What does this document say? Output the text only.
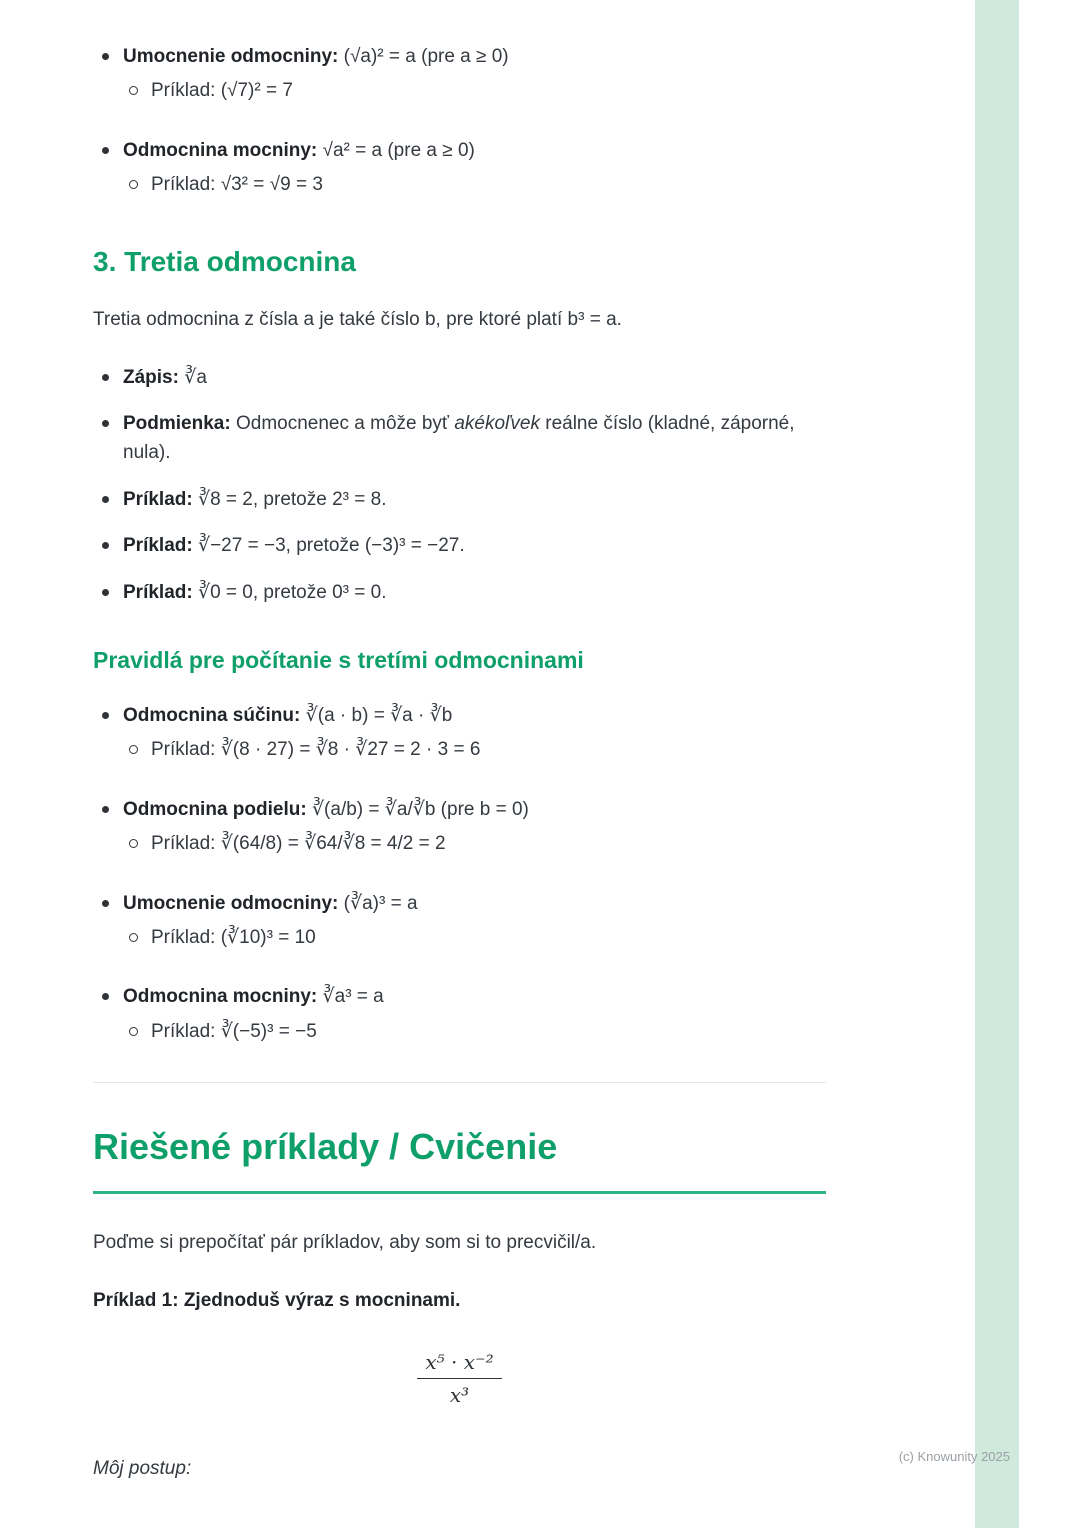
Umocnenie odmocniny: (√a)² = a (pre a ≥ 0)
Príklad: (√7)² = 7
Odmocnina mocniny: √a² = a (pre a ≥ 0)
Príklad: √3² = √9 = 3
3. Tretia odmocnina

Tretia odmocnina z čísla a je také číslo b, pre ktoré platí b³ = a.

Zápis: ∛a
Podmienka: Odmocnenec a môže byť akékoľvek reálne číslo (kladné, záporné, nula).
Príklad: ∛8 = 2, pretože 2³ = 8.
Príklad: ∛−27 = −3, pretože (−3)³ = −27.
Príklad: ∛0 = 0, pretože 0³ = 0.
Pravidlá pre počítanie s tretími odmocninami
Odmocnina súčinu: ∛(a · b) = ∛a · ∛b
Príklad: ∛(8 · 27) = ∛8 · ∛27 = 2 · 3 = 6
Odmocnina podielu: ∛(a/b) = ∛a/∛b (pre b = 0)
Príklad: ∛(64/8) = ∛64/∛8 = 4/2 = 2
Umocnenie odmocniny: (∛a)³ = a
Príklad: (∛10)³ = 10
Odmocnina mocniny: ∛a³ = a
Príklad: ∛(−5)³ = −5
Riešené príklady / Cvičenie

Poďme si prepočítať pár príkladov, aby som si to precvičil/a.

Príklad 1: Zjednoduš výraz s mocninami.

x⁵ · x⁻²
x³

Môj postup:

(c) Knowunity 2025
